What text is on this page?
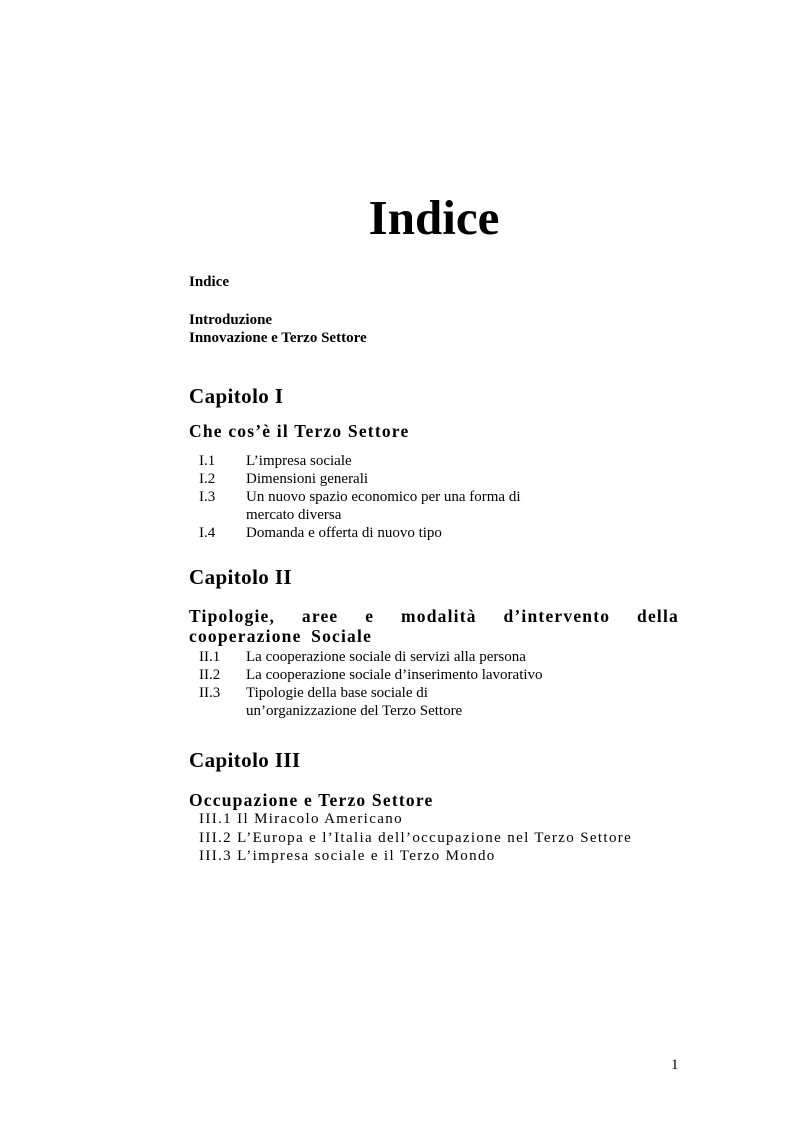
Indice
Indice
Introduzione
Innovazione e Terzo Settore
Capitolo I
Che cos’è il Terzo Settore
I.1 L’impresa sociale
I.2 Dimensioni generali
I.3 Un nuovo spazio economico per una forma di
mercato diversa
I.4 Domanda e offerta di nuovo tipo
Capitolo II
Tipologie, aree e modalità d’intervento della
cooperazione Sociale
II.1 La cooperazione sociale di servizi alla persona
II.2 La cooperazione sociale d’inserimento lavorativo
II.3 Tipologie della base sociale di
un’organizzazione del Terzo Settore
Capitolo III
Occupazione e Terzo Settore
III.1 Il Miracolo Americano
III.2 L’Europa e l’Italia dell’occupazione nel Terzo Settore
III.3 L’impresa sociale e il Terzo Mondo
1
